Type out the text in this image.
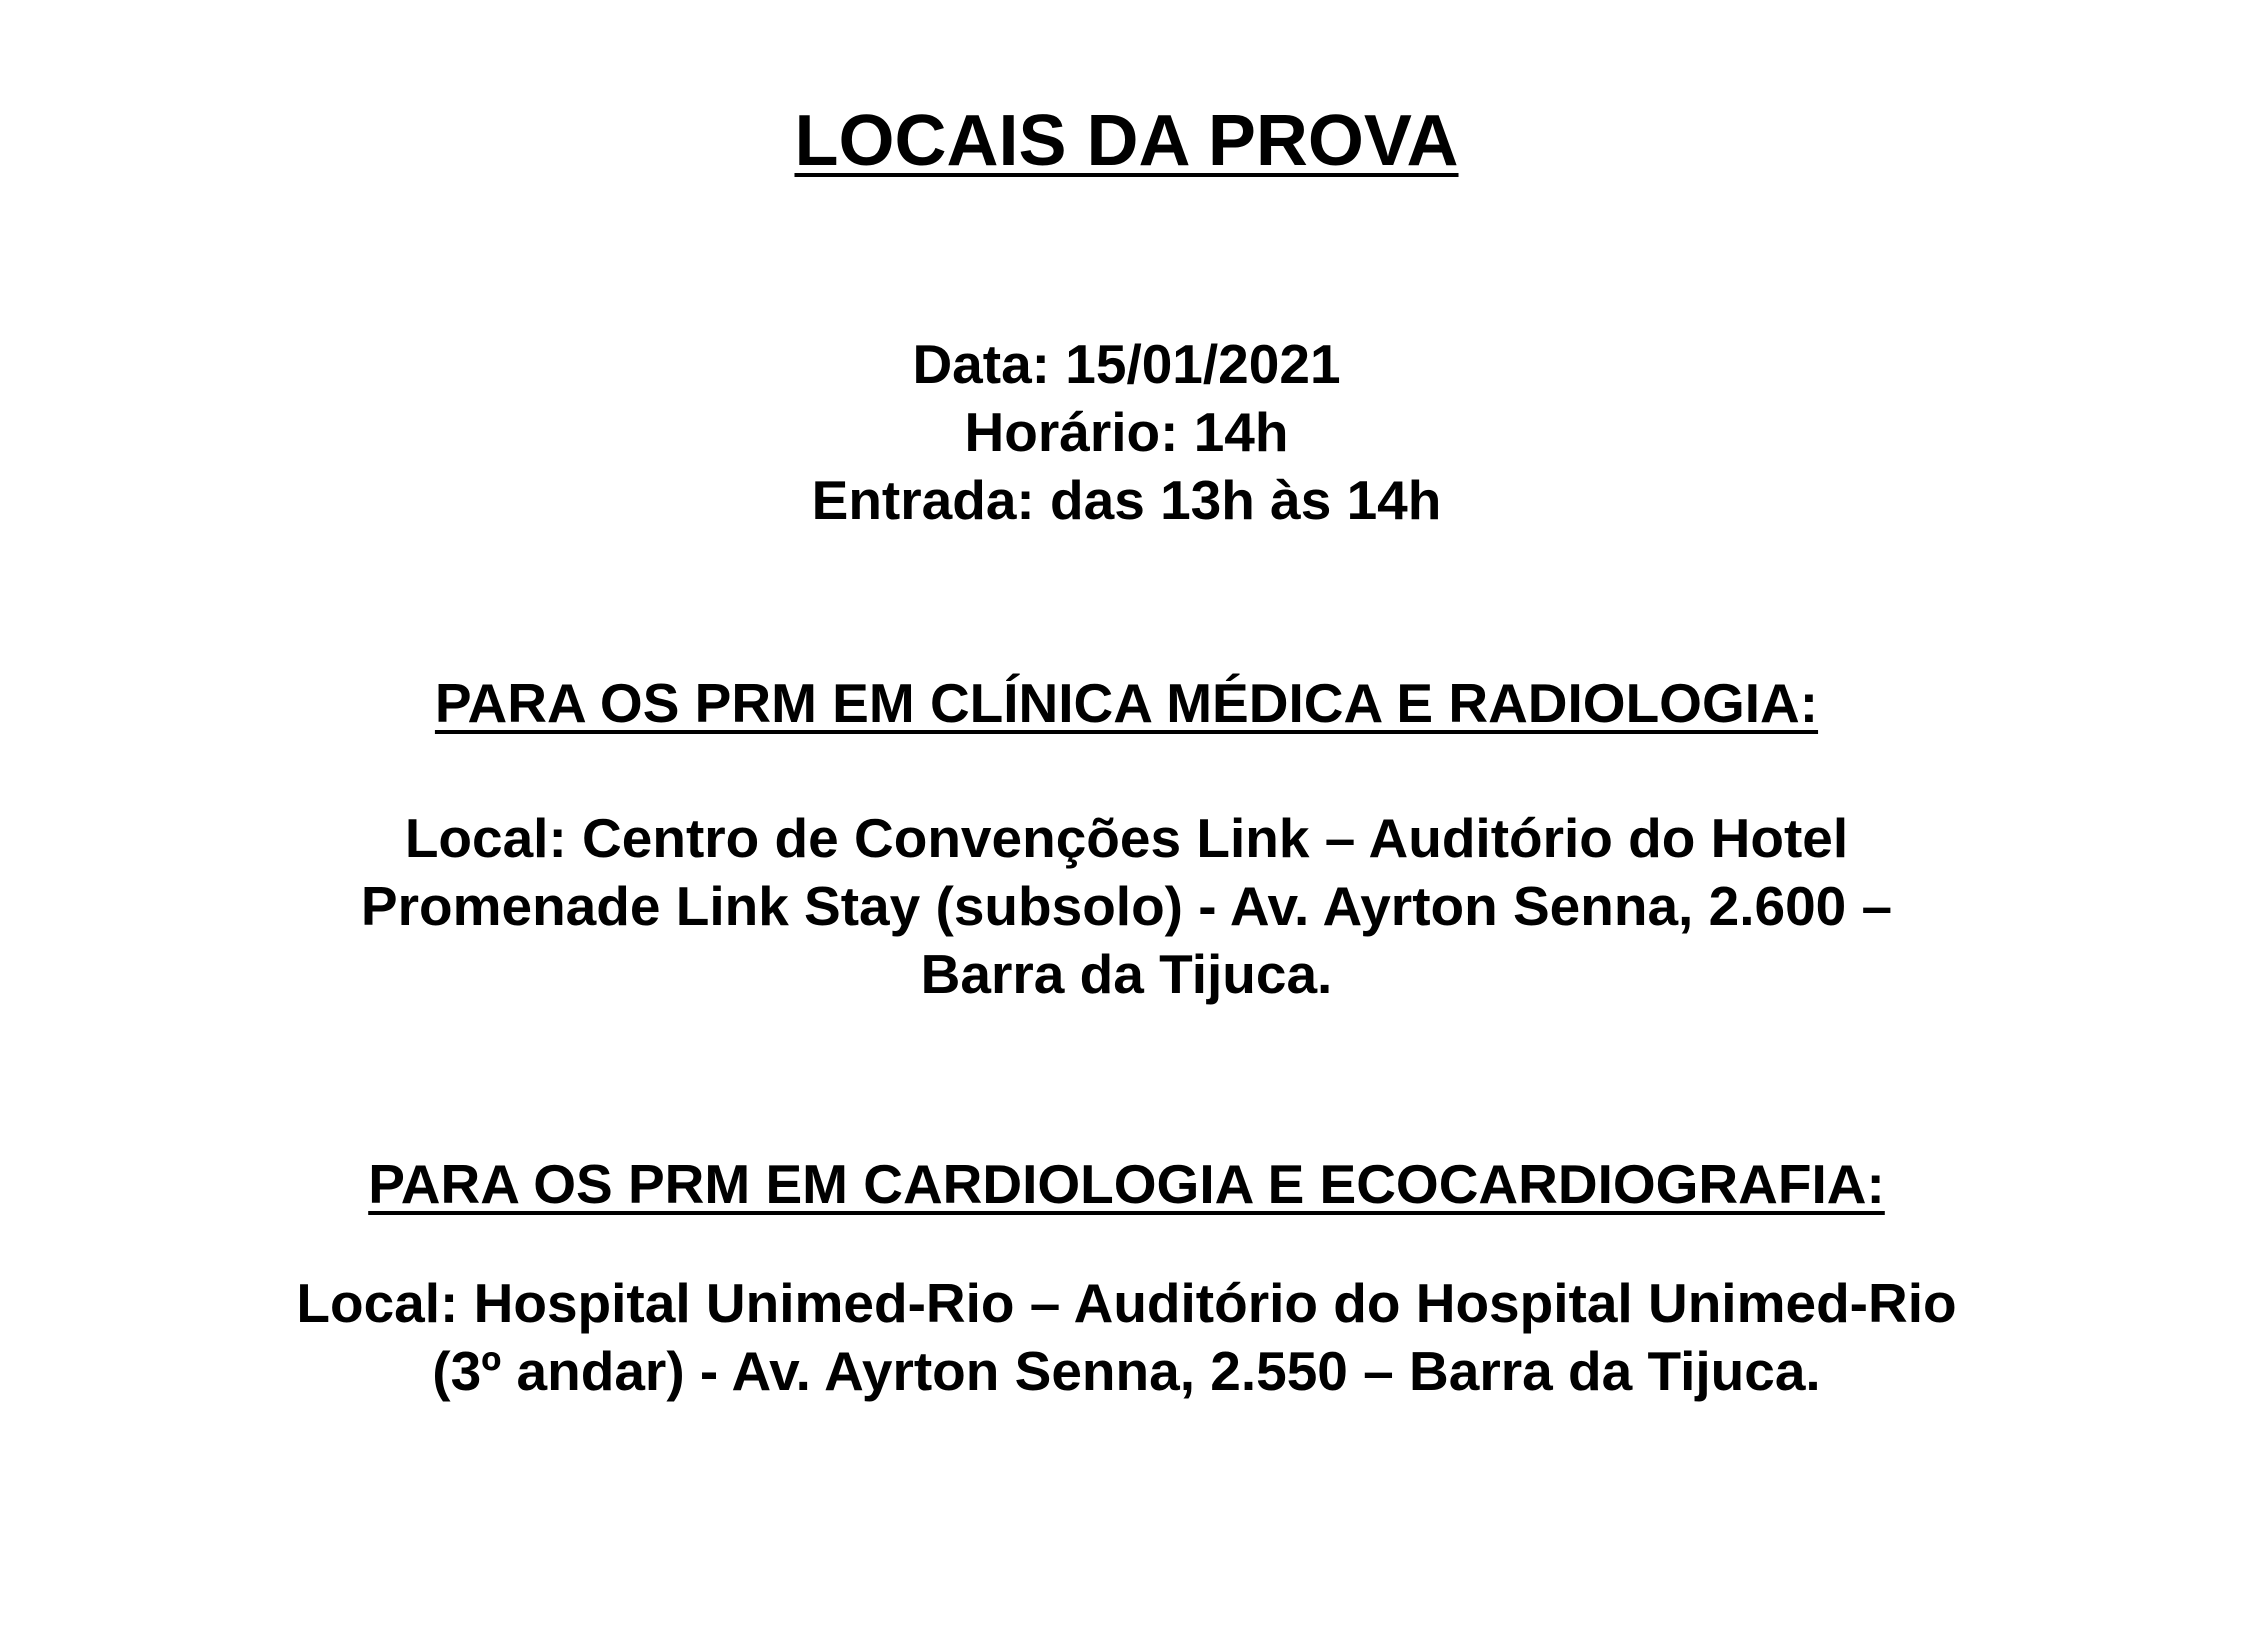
LOCAIS DA PROVA
Data: 15/01/2021
Horário: 14h
Entrada: das 13h às 14h
PARA OS PRM EM CLÍNICA MÉDICA E RADIOLOGIA:
Local: Centro de Convenções Link – Auditório do Hotel
Promenade Link Stay (subsolo) - Av. Ayrton Senna, 2.600 –
Barra da Tijuca.
PARA OS PRM EM CARDIOLOGIA E ECOCARDIOGRAFIA:
Local: Hospital Unimed-Rio – Auditório do Hospital Unimed-Rio
(3º andar) - Av. Ayrton Senna, 2.550 – Barra da Tijuca.
